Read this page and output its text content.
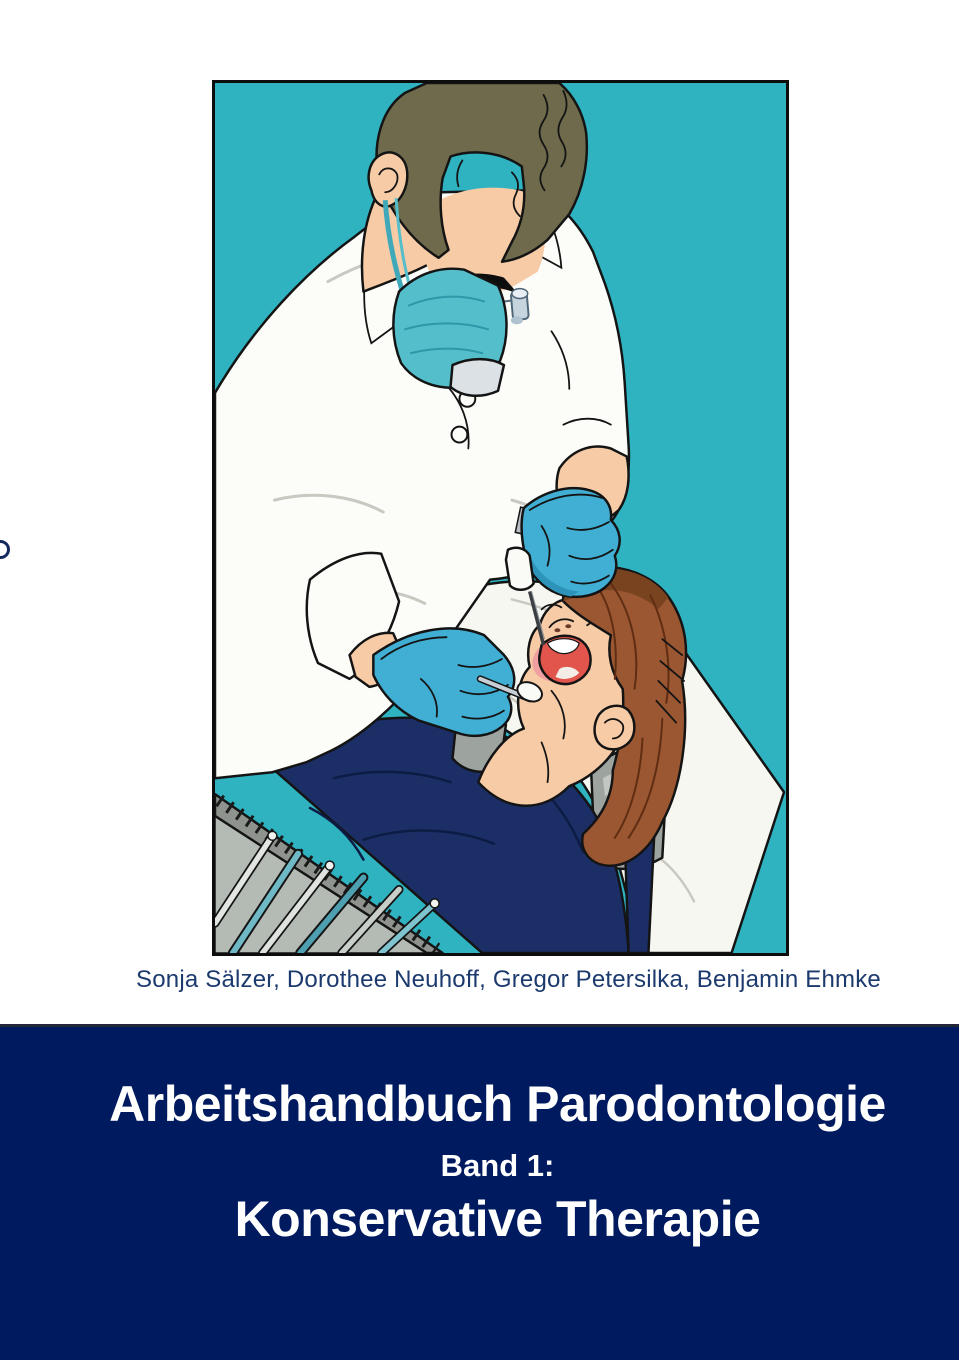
Sonja Sälzer, Dorothee Neuhoff, Gregor Petersilka, Benjamin Ehmke
Arbeitshandbuch Parodontologie
Band 1:
Konservative Therapie
